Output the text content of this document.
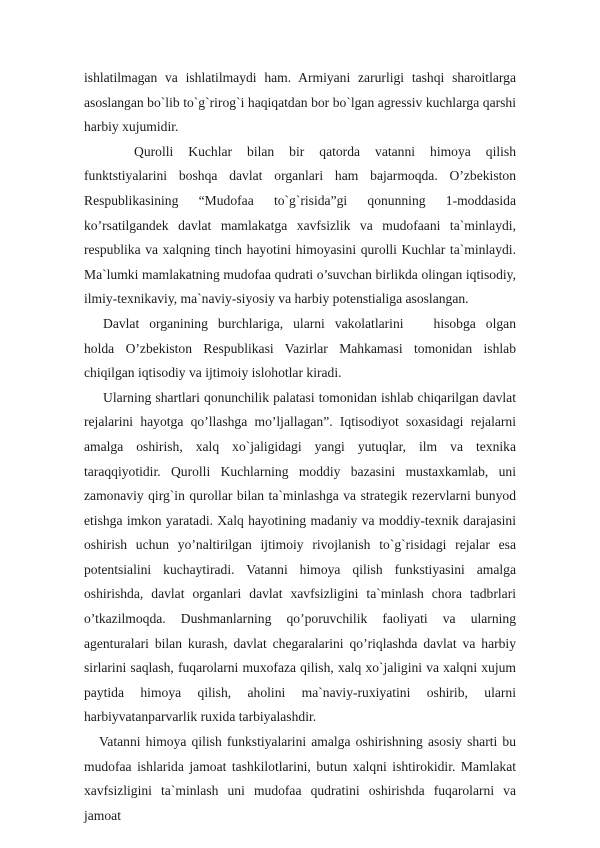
ishlatilmagan va ishlatilmaydi ham. Armiyani zarurligi tashqi sharoitlarga asoslangan bo`lib to`g`rirog`i haqiqatdan bor bo`lgan agressiv kuchlarga qarshi harbiy xujumidir.

Qurolli Kuchlar bilan bir qatorda vatanni himoya qilish funktstiyalarini boshqa davlat organlari ham bajarmoqda. O’zbekiston Respublikasining “Mudofaa to`g`risida”gi qonunning 1-moddasida ko’rsatilgandek davlat mamlakatga xavfsizlik va mudofaani ta`minlaydi, respublika va xalqning tinch hayotini himoyasini qurolli Kuchlar ta`minlaydi. Ma`lumki mamlakatning mudofaa qudrati o’suvchan birlikda olingan iqtisodiy, ilmiy-texnikaviy, ma`naviy-siyosiy va harbiy potenstialiga asoslangan.

Davlat organining burchlariga, ularni vakolatlarini hisobga olgan holda O’zbekiston Respublikasi Vazirlar Mahkamasi tomonidan ishlab chiqilgan iqtisodiy va ijtimoiy islohotlar kiradi.

Ularning shartlari qonunchilik palatasi tomonidan ishlab chiqarilgan davlat rejalarini hayotga qo’llashga mo’ljallagan”. Iqtisodiyot soxasidagi rejalarni amalga oshirish, xalq xo`jaligidagi yangi yutuqlar, ilm va texnika taraqqiyotidir. Qurolli Kuchlarning moddiy bazasini mustaxkamlab, uni zamonaviy qirg`in qurollar bilan ta`minlashga va strategik rezervlarni bunyod etishga imkon yaratadi. Xalq hayotining madaniy va moddiy-texnik darajasini oshirish uchun yo’naltirilgan ijtimoiy rivojlanish to`g`risidagi rejalar esa potentsialini kuchaytiradi. Vatanni himoya qilish funkstiyasini amalga oshirishda, davlat organlari davlat xavfsizligini ta`minlash chora tadbrlari o’tkazilmoqda. Dushmanlarning qo’poruvchilik faoliyati va ularning agenturalari bilan kurash, davlat chegaralarini qo’riqlashda davlat va harbiy sirlarini saqlash, fuqarolarni muxofaza qilish, xalq xo`jaligini va xalqni xujum paytida himoya qilish, aholini ma`naviy-ruxiyatini oshirib, ularni harbiyvatanparvarlik ruxida tarbiyalashdir.

Vatanni himoya qilish funkstiyalarini amalga oshirishning asosiy sharti bu mudofaa ishlarida jamoat tashkilotlarini, butun xalqni ishtirokidir. Mamlakat xavfsizligini ta`minlash uni mudofaa qudratini oshirishda fuqarolarni va jamoat
